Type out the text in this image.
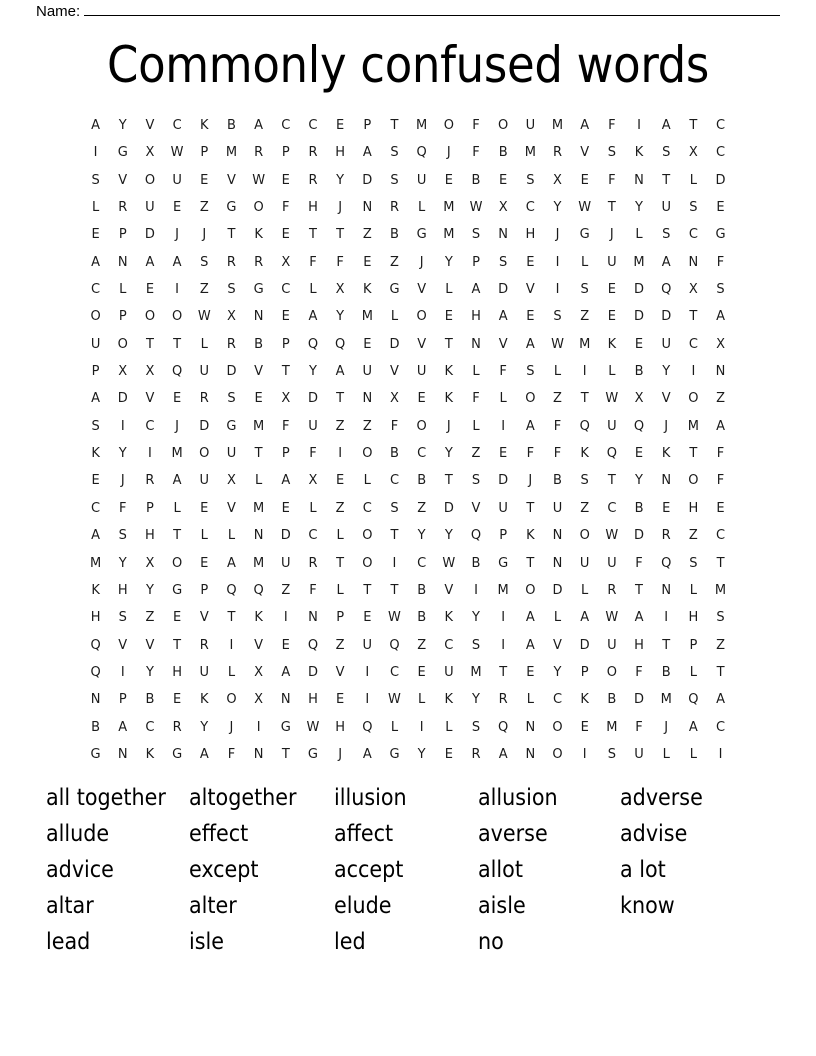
Name:
Commonly confused words
A	Y	V	C	K	B	A	C	C	E	P	T	M	O	F	O	U	M	A	F	I	A	T	C
I	G	X	W	P	M	R	P	R	H	A	S	Q	J	F	B	M	R	V	S	K	S	X	C
S	V	O	U	E	V	W	E	R	Y	D	S	U	E	B	E	S	X	E	F	N	T	L	D
L	R	U	E	Z	G	O	F	H	J	N	R	L	M	W	X	C	Y	W	T	Y	U	S	E
E	P	D	J	J	T	K	E	T	T	Z	B	G	M	S	N	H	J	G	J	L	S	C	G
A	N	A	A	S	R	R	X	F	F	E	Z	J	Y	P	S	E	I	L	U	M	A	N	F
C	L	E	I	Z	S	G	C	L	X	K	G	V	L	A	D	V	I	S	E	D	Q	X	S
O	P	O	O	W	X	N	E	A	Y	M	L	O	E	H	A	E	S	Z	E	D	D	T	A
U	O	T	T	L	R	B	P	Q	Q	E	D	V	T	N	V	A	W	M	K	E	U	C	X
P	X	X	Q	U	D	V	T	Y	A	U	V	U	K	L	F	S	L	I	L	B	Y	I	N
A	D	V	E	R	S	E	X	D	T	N	X	E	K	F	L	O	Z	T	W	X	V	O	Z
S	I	C	J	D	G	M	F	U	Z	Z	F	O	J	L	I	A	F	Q	U	Q	J	M	A
K	Y	I	M	O	U	T	P	F	I	O	B	C	Y	Z	E	F	F	K	Q	E	K	T	F
E	J	R	A	U	X	L	A	X	E	L	C	B	T	S	D	J	B	S	T	Y	N	O	F
C	F	P	L	E	V	M	E	L	Z	C	S	Z	D	V	U	T	U	Z	C	B	E	H	E
A	S	H	T	L	L	N	D	C	L	O	T	Y	Y	Q	P	K	N	O	W	D	R	Z	C
M	Y	X	O	E	A	M	U	R	T	O	I	C	W	B	G	T	N	U	U	F	Q	S	T
K	H	Y	G	P	Q	Q	Z	F	L	T	T	B	V	I	M	O	D	L	R	T	N	L	M
H	S	Z	E	V	T	K	I	N	P	E	W	B	K	Y	I	A	L	A	W	A	I	H	S
Q	V	V	T	R	I	V	E	Q	Z	U	Q	Z	C	S	I	A	V	D	U	H	T	P	Z
Q	I	Y	H	U	L	X	A	D	V	I	C	E	U	M	T	E	Y	P	O	F	B	L	T
N	P	B	E	K	O	X	N	H	E	I	W	L	K	Y	R	L	C	K	B	D	M	Q	A
B	A	C	R	Y	J	I	G	W	H	Q	L	I	L	S	Q	N	O	E	M	F	J	A	C
G	N	K	G	A	F	N	T	G	J	A	G	Y	E	R	A	N	O	I	S	U	L	L	I
all together	altogether	illusion	allusion	adverse
allude	effect	affect	averse	advise
advice	except	accept	allot	a lot
altar	alter	elude	aisle	know
lead	isle	led	no
